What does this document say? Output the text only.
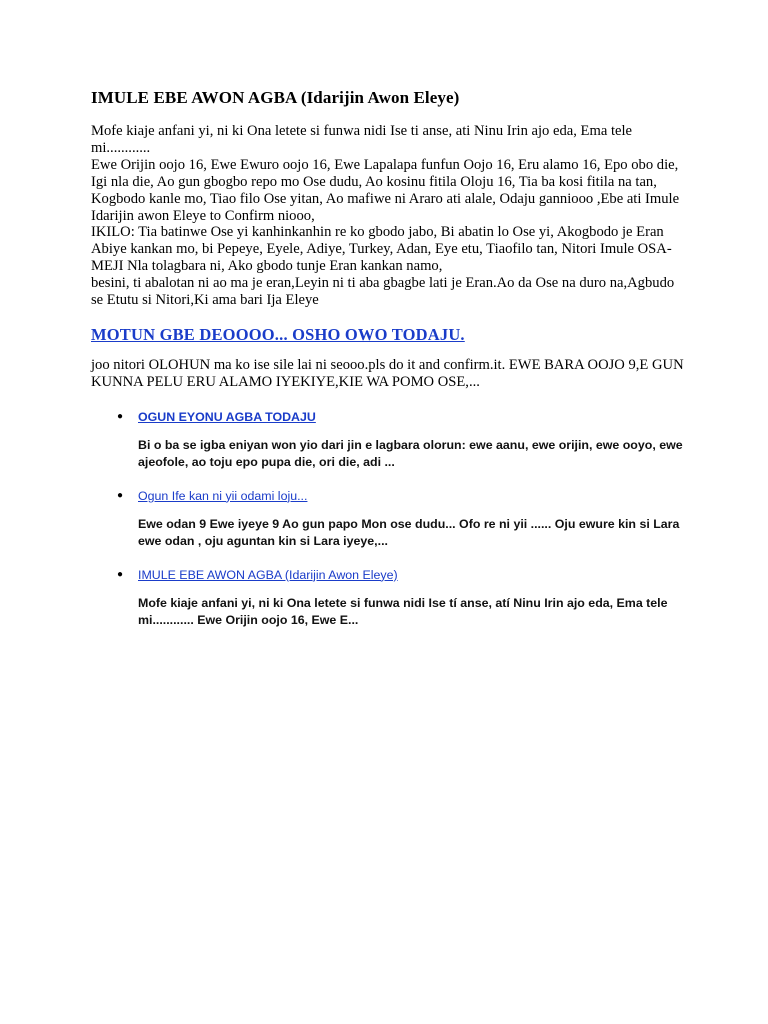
IMULE EBE AWON AGBA (Idarijin Awon Eleye)

Mofe kiaje anfani yi, ni ki Ona letete si funwa nidi Ise ti anse, ati Ninu Irin ajo eda, Ema tele mi............
Ewe Orijin oojo 16, Ewe Ewuro oojo 16, Ewe Lapalapa funfun Oojo 16, Eru alamo 16, Epo obo die, Igi nla die, Ao gun gbogbo repo mo Ose dudu, Ao kosinu fitila Oloju 16, Tia ba kosi fitila na tan, Kogbodo kanle mo, Tiao filo Ose yitan, Ao mafiwe ni Araro ati alale, Odaju ganniooo ,Ebe ati Imule Idarijin awon Eleye to Confirm niooo,
IKILO: Tia batinwe Ose yi kanhinkanhin re ko gbodo jabo, Bi abatin lo Ose yi, Akogbodo je Eran Abiye kankan mo, bi Pepeye, Eyele, Adiye, Turkey, Adan, Eye etu, Tiaofilo tan, Nitori Imule OSA-MEJI Nla tolagbara ni, Ako gbodo tunje Eran kankan namo,
besini, ti abalotan ni ao ma je eran,Leyin ni ti aba gbagbe lati je Eran.Ao da Ose na duro na,Agbudo se Etutu si Nitori,Ki ama bari Ija Eleye

MOTUN GBE DEOOOO... OSHO OWO TODAJU.

joo nitori OLOHUN ma ko ise sile lai ni seooo.pls do it and confirm.it. EWE BARA OOJO 9,E GUN KUNNA PELU ERU ALAMO IYEKIYE,KIE WA POMO OSE,...

● OGUN EYONU AGBA TODAJU

Bi o ba se igba eniyan won yio dari jin e lagbara olorun: ewe aanu, ewe orijin, ewe ooyo, ewe ajeofole, ao toju epo pupa die, ori die, adi ...

● Ogun Ife kan ni yii odami loju...

Ewe odan 9 Ewe iyeye 9 Ao gun papo Mon ose dudu... Ofo re ni yii ...... Oju ewure kin si Lara ewe odan , oju aguntan kin si Lara iyeye,...

● IMULE EBE AWON AGBA (Idarijin Awon Eleye)

Mofe kiaje anfani yi, ni ki Ona letete si funwa nidi Ise tí anse, atí Ninu Irin ajo eda, Ema tele mi............ Ewe Orijin oojo 16, Ewe E...
